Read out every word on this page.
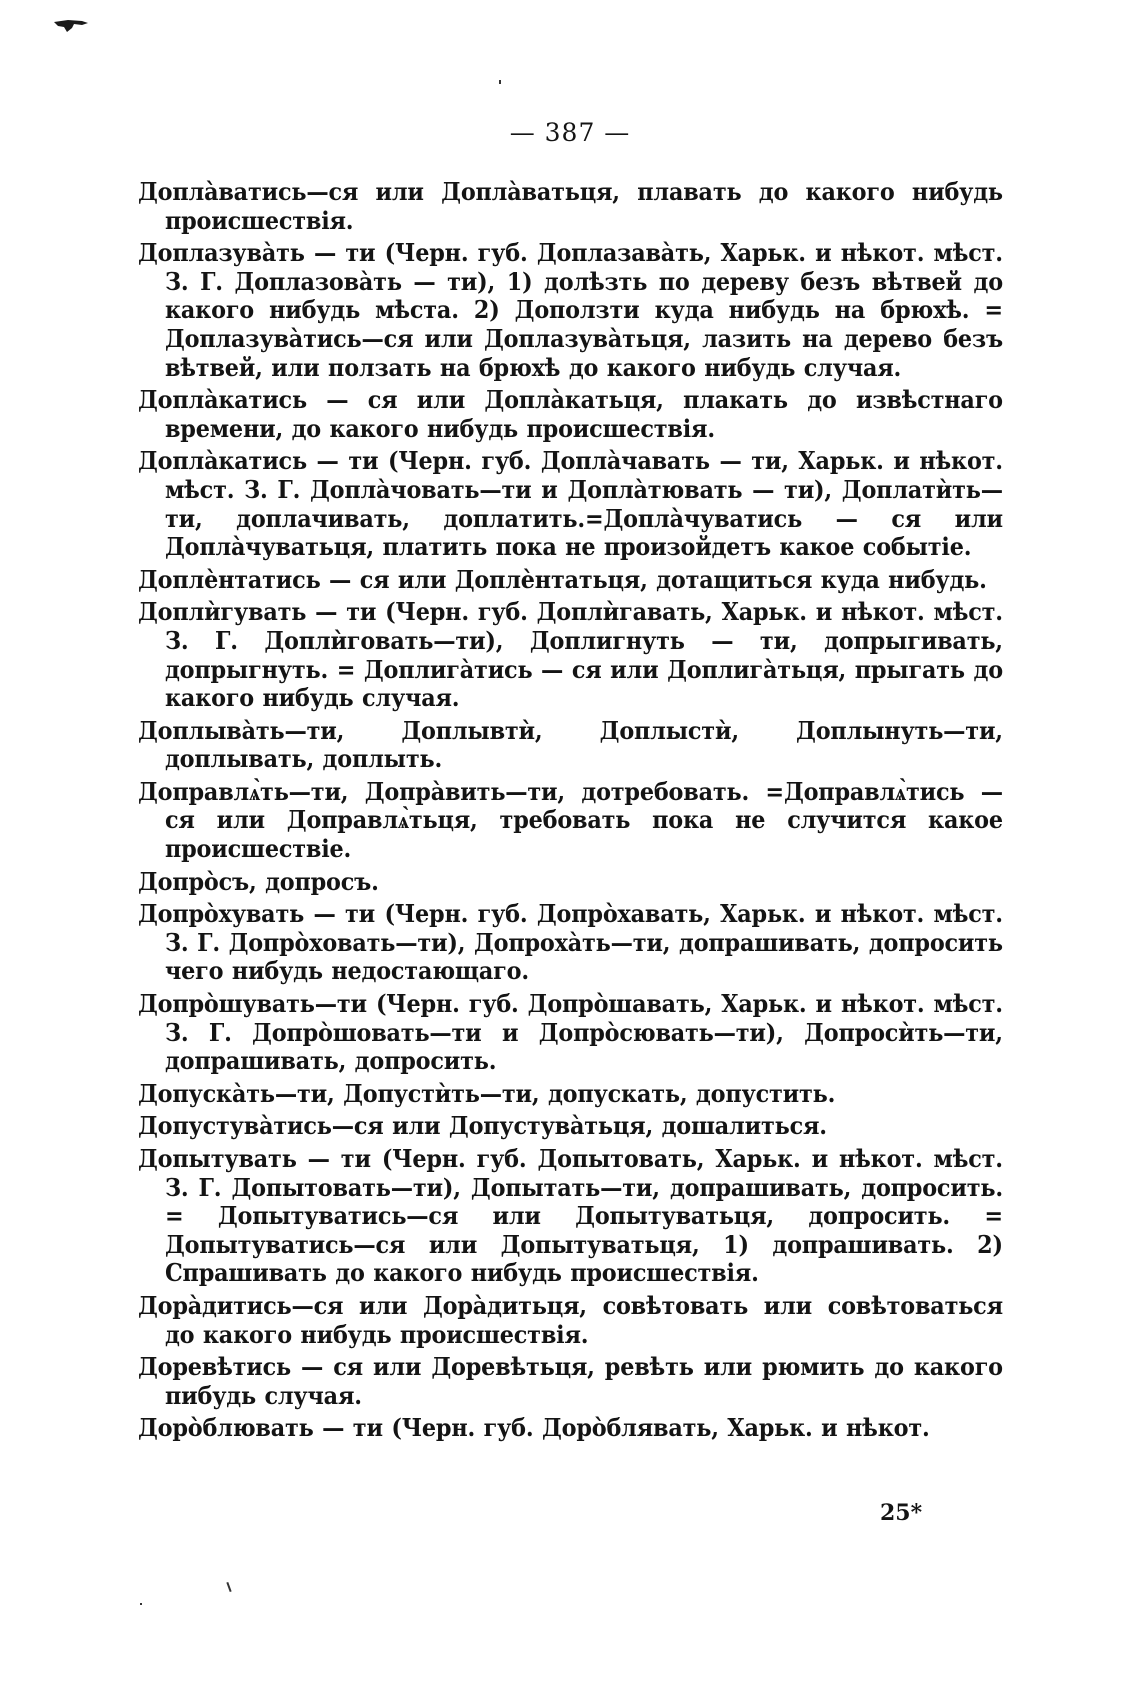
— 387 —

Доплàватись—ся или Доплàватьця, плавать до какого нибудь происшествія.

Доплазувàть — ти (Черн. губ. Доплазавàть, Харьк. и нѣкот. мѣст. З. Г. Доплазовàть — ти), 1) долѣзть по дереву безъ вѣтвей до какого нибудь мѣста. 2) Доползти куда нибудь на брюхѣ. = Доплазувàтись—ся или Доплазувàтьця, лазить на дерево безъ вѣтвей, или ползать на брюхѣ до какого нибудь случая.

Доплàкатись — ся или Доплàкатьця, плакать до извѣстнаго времени, до какого нибудь происшествія.

Доплàкатись — ти (Черн. губ. Доплàчавать — ти, Харьк. и нѣкот. мѣст. З. Г. Доплàчовать—ти и Доплàтювать — ти), Доплатѝть—ти, доплачивать, доплатить.=Доплàчуватись — ся или Доплàчуватьця, платить пока не произойдетъ какое событіе.

Доплѐнтатись — ся или Доплѐнтатьця, дотащиться куда нибудь.

Доплѝгувать — ти (Черн. губ. Доплѝгавать, Харьк. и нѣкот. мѣст. З. Г. Доплѝговать—ти), Доплигнуть — ти, допрыгивать, допрыгнуть. = Доплигàтись — ся или Доплигàтьця, прыгать до какого нибудь случая.

Доплывàть—ти, Доплывтѝ, Доплыстѝ, Доплынуть—ти, доплывать, доплыть.

Доправлѧ̀ть—ти, Допрàвить—ти, дотребовать. =Доправлѧ̀тись — ся или Доправлѧ̀тьця, требовать пока не случится какое происшествіе.

Допрòсъ, допросъ.

Допрòхувать — ти (Черн. губ. Допрòхавать, Харьк. и нѣкот. мѣст. З. Г. Допрòховать—ти), Допрохàть—ти, допрашивать, допросить чего нибудь недостающаго.

Допрòшувать—ти (Черн. губ. Допрòшавать, Харьк. и нѣкот. мѣст. З. Г. Допрòшовать—ти и Допрòсювать—ти), Допросѝть—ти, допрашивать, допросить.

Допускàть—ти, Допустѝть—ти, допускать, допустить.

Допустувàтись—ся или Допустувàтьця, дошалиться.

Допытувать — ти (Черн. губ. Допытовать, Харьк. и нѣкот. мѣст. З. Г. Допытовать—ти), Допытать—ти, допрашивать, допросить. = Допытуватись—ся или Допытуватьця, допросить. = Допытуватись—ся или Допытуватьця, 1) допрашивать. 2) Спрашивать до какого нибудь происшествія.

Дорàдитись—ся или Дорàдитьця, совѣтовать или совѣтоваться до какого нибудь происшествія.

Доревѣтись — ся или Доревѣтьця, ревѣть или рюмить до какого пибудь случая.

Дорòблювать — ти (Черн. губ. Дорòблявать, Харьк. и нѣкот.

25*
